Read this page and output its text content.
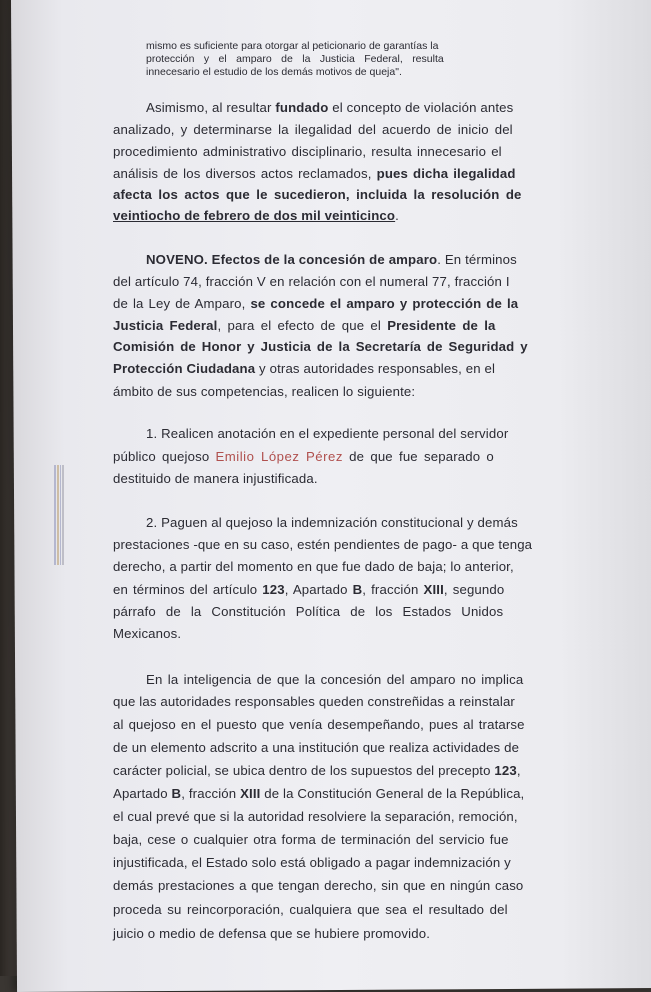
mismo es suficiente para otorgar al peticionario de garantías la
protección y el amparo de la Justicia Federal, resulta
innecesario el estudio de los demás motivos de queja".
Asimismo, al resultar fundado el concepto de violación antes
analizado, y determinarse la ilegalidad del acuerdo de inicio del
procedimiento administrativo disciplinario, resulta innecesario el
análisis de los diversos actos reclamados, pues dicha ilegalidad
afecta los actos que le sucedieron, incluida la resolución de
veintiocho de febrero de dos mil veinticinco.
NOVENO. Efectos de la concesión de amparo. En términos
del artículo 74, fracción V en relación con el numeral 77, fracción I
de la Ley de Amparo, se concede el amparo y protección de la
Justicia Federal, para el efecto de que el Presidente de la
Comisión de Honor y Justicia de la Secretaría de Seguridad y
Protección Ciudadana y otras autoridades responsables, en el
ámbito de sus competencias, realicen lo siguiente:
1. Realicen anotación en el expediente personal del servidor
público quejoso Emilio López Pérez de que fue separado o
destituido de manera injustificada.
2. Paguen al quejoso la indemnización constitucional y demás
prestaciones -que en su caso, estén pendientes de pago- a que tenga
derecho, a partir del momento en que fue dado de baja; lo anterior,
en términos del artículo 123, Apartado B, fracción XIII, segundo
párrafo de la Constitución Política de los Estados Unidos
Mexicanos.
En la inteligencia de que la concesión del amparo no implica
que las autoridades responsables queden constreñidas a reinstalar
al quejoso en el puesto que venía desempeñando, pues al tratarse
de un elemento adscrito a una institución que realiza actividades de
carácter policial, se ubica dentro de los supuestos del precepto 123,
Apartado B, fracción XIII de la Constitución General de la República,
el cual prevé que si la autoridad resolviere la separación, remoción,
baja, cese o cualquier otra forma de terminación del servicio fue
injustificada, el Estado solo está obligado a pagar indemnización y
demás prestaciones a que tengan derecho, sin que en ningún caso
proceda su reincorporación, cualquiera que sea el resultado del
juicio o medio de defensa que se hubiere promovido.
